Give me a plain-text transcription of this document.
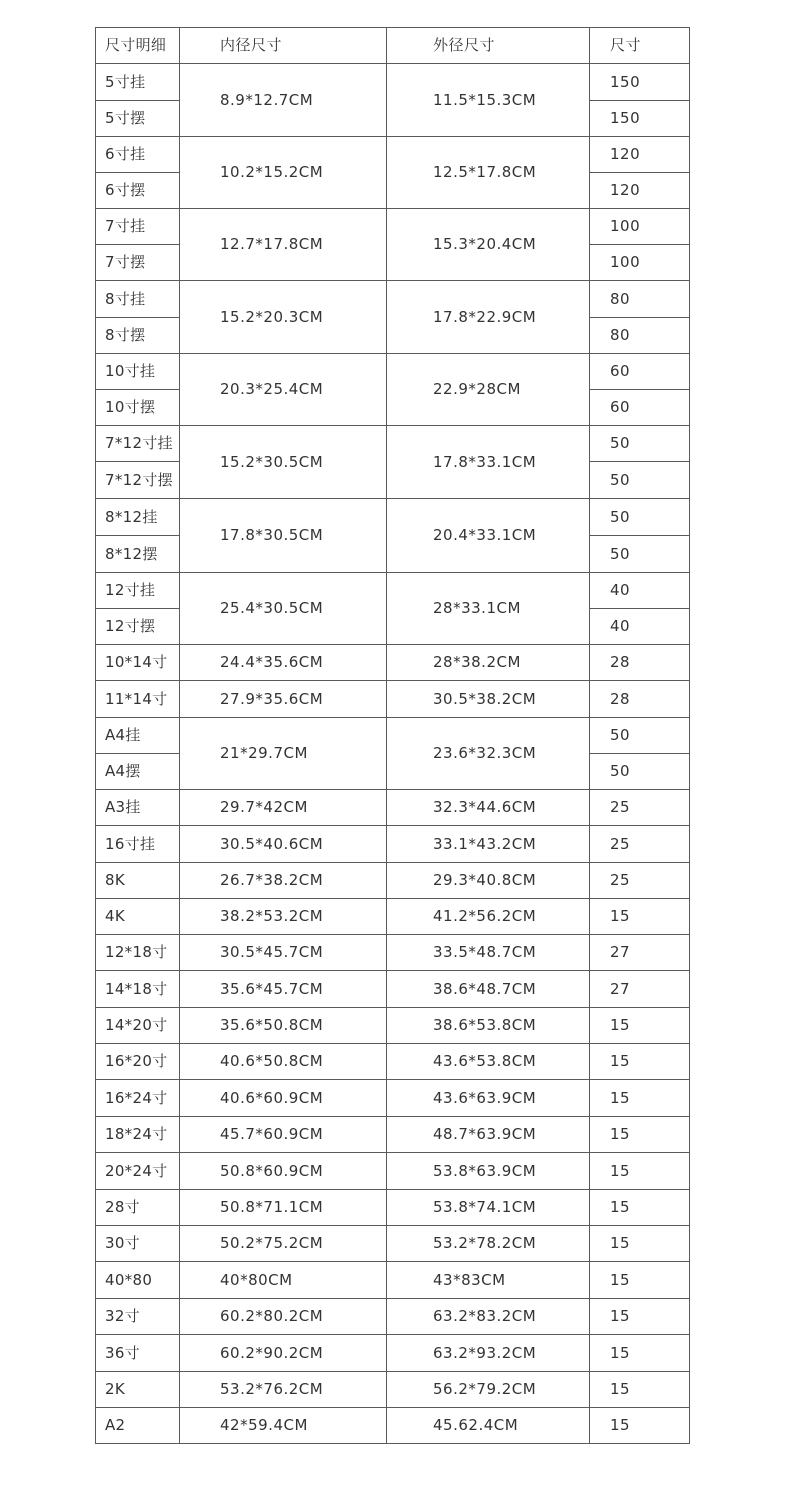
尺寸明细	内径尺寸	外径尺寸	尺寸
5寸挂	8.9*12.7CM	11.5*15.3CM	150
5寸摆			150
6寸挂	10.2*15.2CM	12.5*17.8CM	120
6寸摆			120
7寸挂	12.7*17.8CM	15.3*20.4CM	100
7寸摆			100
8寸挂	15.2*20.3CM	17.8*22.9CM	80
8寸摆			80
10寸挂	20.3*25.4CM	22.9*28CM	60
10寸摆			60
7*12寸挂	15.2*30.5CM	17.8*33.1CM	50
7*12寸摆			50
8*12挂	17.8*30.5CM	20.4*33.1CM	50
8*12摆			50
12寸挂	25.4*30.5CM	28*33.1CM	40
12寸摆			40
10*14寸	24.4*35.6CM	28*38.2CM	28
11*14寸	27.9*35.6CM	30.5*38.2CM	28
A4挂	21*29.7CM	23.6*32.3CM	50
A4摆			50
A3挂	29.7*42CM	32.3*44.6CM	25
16寸挂	30.5*40.6CM	33.1*43.2CM	25
8K	26.7*38.2CM	29.3*40.8CM	25
4K	38.2*53.2CM	41.2*56.2CM	15
12*18寸	30.5*45.7CM	33.5*48.7CM	27
14*18寸	35.6*45.7CM	38.6*48.7CM	27
14*20寸	35.6*50.8CM	38.6*53.8CM	15
16*20寸	40.6*50.8CM	43.6*53.8CM	15
16*24寸	40.6*60.9CM	43.6*63.9CM	15
18*24寸	45.7*60.9CM	48.7*63.9CM	15
20*24寸	50.8*60.9CM	53.8*63.9CM	15
28寸	50.8*71.1CM	53.8*74.1CM	15
30寸	50.2*75.2CM	53.2*78.2CM	15
40*80	40*80CM	43*83CM	15
32寸	60.2*80.2CM	63.2*83.2CM	15
36寸	60.2*90.2CM	63.2*93.2CM	15
2K	53.2*76.2CM	56.2*79.2CM	15
A2	42*59.4CM	45.62.4CM	15
